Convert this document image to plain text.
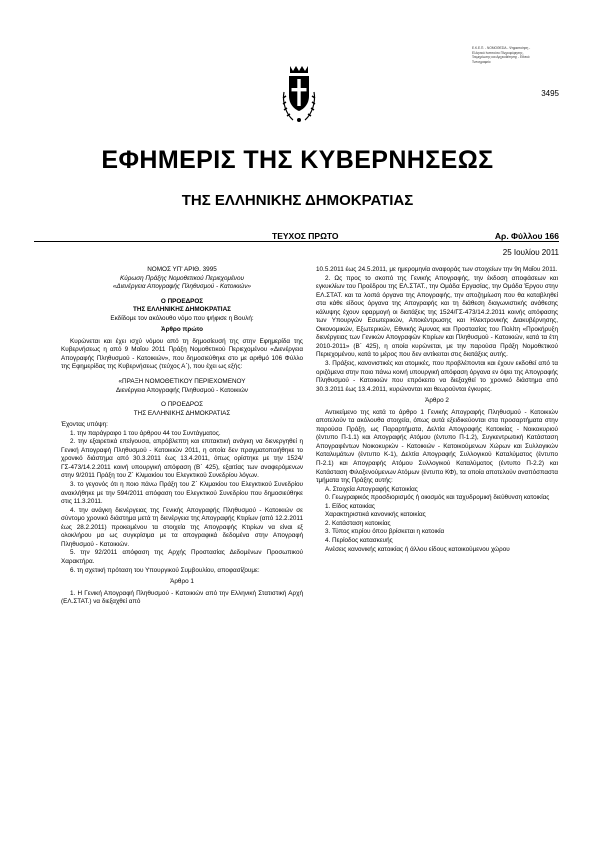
Ε.Κ.Ε.Π. - ΝΟΜΟΘΕΣΙΑ - Ψηφιοποίηση - Ελληνικό Ινστιτούτο Πληροφόρησης, Τεκμηρίωσης και Αρχειοθέτησης - Εθνικό Τυπογραφείο
3495
ΕΦΗΜΕΡΙΣ ΤΗΣ ΚΥΒΕΡΝΗΣΕΩΣ
ΤΗΣ ΕΛΛΗΝΙΚΗΣ ΔΗΜΟΚΡΑΤΙΑΣ
ΤΕΥΧΟΣ ΠΡΩΤΟ	Αρ. Φύλλου 166
25 Ιουλίου 2011

ΝΟΜΟΣ ΥΠ' ΑΡΙΘ. 3995

Κύρωση Πράξης Νομοθετικού Περιεχομένου

«Διενέργεια Απογραφής Πληθυσμού - Κατοικιών»

Ο ΠΡΟΕΔΡΟΣ

ΤΗΣ ΕΛΛΗΝΙΚΗΣ ΔΗΜΟΚΡΑΤΙΑΣ

Εκδίδομε τον ακόλουθο νόμο που ψήφισε η Βουλή:

Άρθρο πρώτο

Κυρώνεται και έχει ισχύ νόμου από τη δημοσίευσή της στην Εφημερίδα της Κυβερνήσεως η από 9 Μαΐου 2011 Πράξη Νομοθετικού Περιεχομένου «Διενέργεια Απογραφής Πληθυσμού - Κατοικιών», που δημοσιεύθηκε στο με αριθμό 106 Φύλλο της Εφημερίδας της Κυβερνήσεως (τεύχος Α΄), που έχει ως εξής:

«ΠΡΑΞΗ ΝΟΜΟΘΕΤΙΚΟΥ ΠΕΡΙΕΧΟΜΕΝΟΥ

Διενέργεια Απογραφής Πληθυσμού - Κατοικιών

Ο ΠΡΟΕΔΡΟΣ

ΤΗΣ ΕΛΛΗΝΙΚΗΣ ΔΗΜΟΚΡΑΤΙΑΣ

Έχοντας υπόψη:

1. την παράγραφο 1 του άρθρου 44 του Συντάγματος.

2. την εξαιρετικά επείγουσα, απρόβλεπτη και επιτακτική ανάγκη να διενεργηθεί η Γενική Απογραφή Πληθυσμού - Κατοικιών 2011, η οποία δεν πραγματοποιήθηκε το χρονικό διάστημα από 30.3.2011 έως 13.4.2011, όπως ορίστηκε με την 1524/ΓΣ-473/14.2.2011 κοινή υπουργική απόφαση (Β΄ 425), εξαιτίας των αναφερόμενων στην 9/2011 Πράξη του Ζ΄ Κλιμακίου του Ελεγκτικού Συνεδρίου λόγων.

3. το γεγονός ότι η ποιο πάνω Πράξη του Ζ΄ Κλιμακίου του Ελεγκτικού Συνεδρίου ανακλήθηκε με την 594/2011 απόφαση του Ελεγκτικού Συνεδρίου που δημοσιεύθηκε στις 11.3.2011.

4. την ανάγκη διενέργειας της Γενικής Απογραφής Πληθυσμού - Κατοικιών σε σύντομο χρονικό διάστημα μετά τη διενέργεια της Απογραφής Κτιρίων (από 12.2.2011 έως 28.2.2011) προκειμένου τα στοιχεία της Απογραφής Κτιρίων να είναι εξ ολοκλήρου μα ως συγκρίσιμα με τα απογραφικά δεδομένα στην Απογραφή Πληθυσμού - Κατοικιών.

5. την 92/2011 απόφαση της Αρχής Προστασίας Δεδομένων Προσωπικού Χαρακτήρα.

6. τη σχετική πρόταση του Υπουργικού Συμβουλίου, αποφασίζουμε:

Άρθρο 1

1. Η Γενική Απογραφή Πληθυσμού - Κατοικιών από την Ελληνική Στατιστική Αρχή (ΕΛ.ΣΤΑΤ.) να διεξαχθεί από

10.5.2011 έως 24.5.2011, με ημερομηνία αναφοράς των στοιχείων την 9η Μαΐου 2011.

2. Ως προς το σκοπό της Γενικής Απογραφής, την έκδοση αποφάσεων και εγκυκλίων του Προέδρου της ΕΛ.ΣΤΑΤ., την Ομάδα Εργασίας, την Ομάδα Έργου στην ΕΛ.ΣΤΑΤ. και τα λοιπά όργανα της Απογραφής, την αποζημίωση που θα καταβληθεί στα κάθε είδους όργανα της Απογραφής και τη διάθεση διαγωνιστικής ανάθεσης κάλυψης έχουν εφαρμογή οι διατάξεις της 1524/ΓΣ-473/14.2.2011 κοινής απόφασης των Υπουργών Εσωτερικών, Αποκέντρωσης και Ηλεκτρονικής Διακυβέρνησης, Οικονομικών, Εξωτερικών, Εθνικής Άμυνας και Προστασίας του Πολίτη «Προκήρυξη διενέργειας των Γενικών Απογραφών Κτιρίων και Πληθυσμού - Κατοικιών, κατά τα έτη 2010-2011» (Β΄ 425), η οποία κυρώνεται, με την παρούσα Πράξη Νομοθετικού Περιεχομένου, κατά το μέρος που δεν αντίκειται στις διατάξεις αυτής.

3. Πράξεις, κανονιστικές και ατομικές, που προβλέπονται και έχουν εκδοθεί από τα οριζόμενα στην ποιο πάνω κοινή υπουργική απόφαση όργανα εν όψει της Απογραφής Πληθυσμού - Κατοικιών που επρόκειτο να διεξαχθεί το χρονικό διάστημα από 30.3.2011 έως 13.4.2011, κυρώνονται και θεωρούνται έγκυρες.

Άρθρο 2

Αντικείμενο της κατά το άρθρο 1 Γενικής Απογραφής Πληθυσμού - Κατοικιών αποτελούν τα ακόλουθα στοιχεία, όπως αυτά εξειδικεύονται στα προσαρτήματα στην παρούσα Πράξη, ως Παραρτήματα, Δελτία Απογραφής Κατοικίας - Νοικοκυριού (έντυπο Π-1.1) και Απογραφής Ατόμου (έντυπο Π-1.2), Συγκεντρωτική Κατάσταση Απογραφέντων Νοικοκυριών - Κατοικιών - Κατοικούμενων Χώρων και Συλλογικών Καταλυμάτων (έντυπο Κ-1), Δελτία Απογραφής Συλλογικού Καταλύματος (έντυπο Π-2.1) και Απογραφής Ατόμου Συλλογικού Καταλύματος (έντυπο Π-2.2) και Κατάσταση Φιλοξενούμενων Ατόμων (έντυπο ΚΦ), τα οποία αποτελούν αναπόσπαστα τμήματα της Πράξης αυτής:

Α. Στοιχεία Απογραφής Κατοικίας

0. Γεωγραφικός προσδιορισμός ή οικισμός και ταχυδρομική διεύθυνση κατοικίας

1. Είδος κατοικίας

Χαρακτηριστικά κανονικής κατοικίας

2. Κατάσταση κατοικίας

3. Τύπος κτιρίου όπου βρίσκεται η κατοικία

4. Περίοδος κατασκευής

Ανέσεις κανονικής κατοικίας ή άλλου είδους κατοικούμενου χώρου
